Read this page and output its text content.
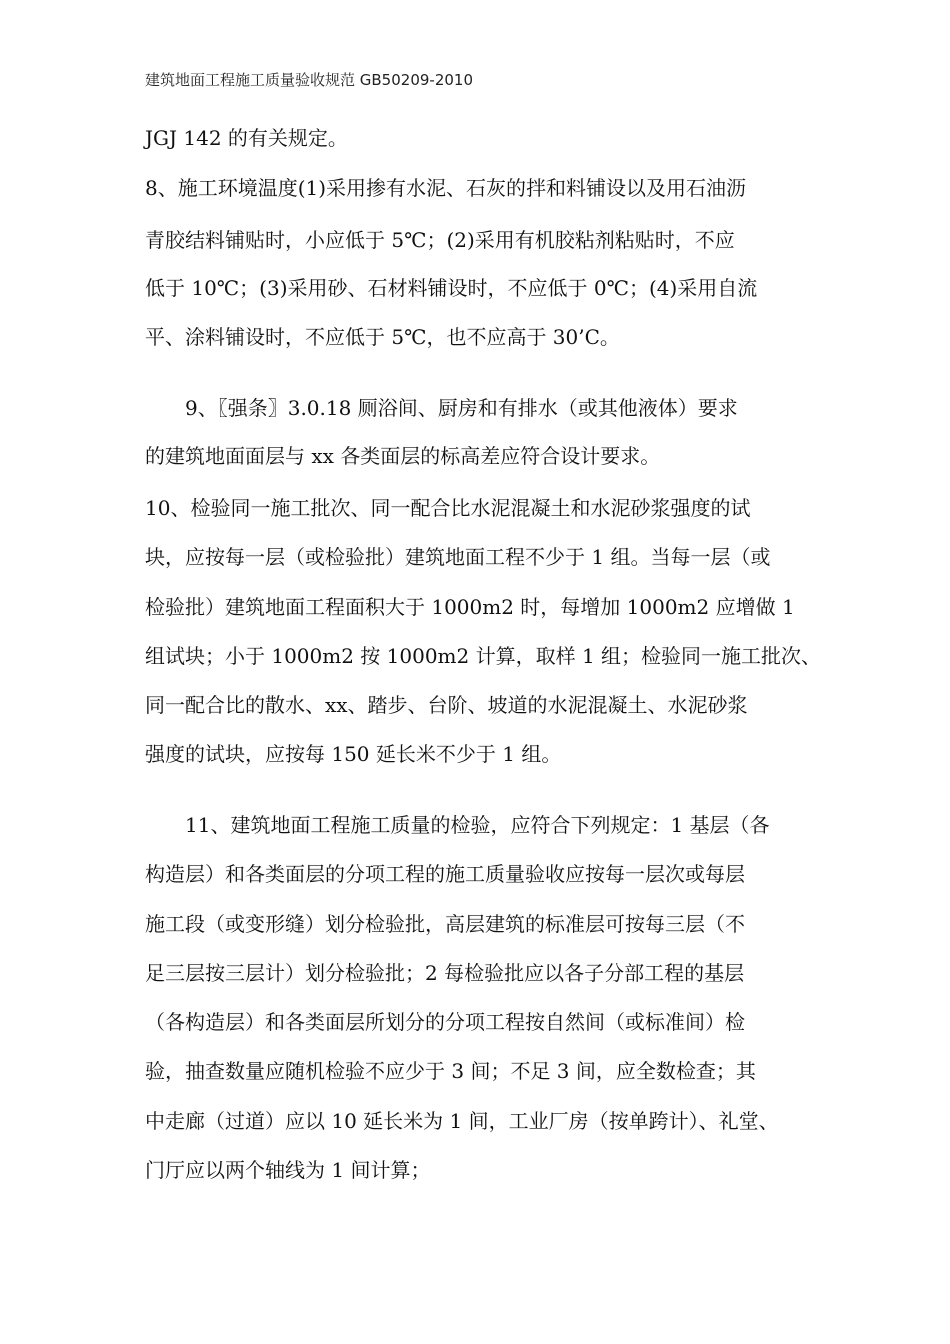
建筑地面工程施工质量验收规范 GB50209-2010
JGJ 142 的有关规定。
8、施工环境温度(1)采用掺有水泥、石灰的拌和料铺设以及用石油沥
青胶结料铺贴时，小应低于 5℃；(2)采用有机胶粘剂粘贴时，不应
低于 10℃；(3)采用砂、石材料铺设时，不应低于 0℃；(4)采用自流
平、涂料铺设时，不应低于 5℃，也不应高于 30’C。
9、〖强条〗3.0.18 厕浴间、厨房和有排水（或其他液体）要求
的建筑地面面层与 xx 各类面层的标高差应符合设计要求。
10、检验同一施工批次、同一配合比水泥混凝土和水泥砂浆强度的试
块，应按每一层（或检验批）建筑地面工程不少于 1 组。当每一层（或
检验批）建筑地面工程面积大于 1000m2 时，每增加 1000m2 应增做 1
组试块；小于 1000m2 按 1000m2 计算，取样 1 组；检验同一施工批次、
同一配合比的散水、xx、踏步、台阶、坡道的水泥混凝土、水泥砂浆
强度的试块，应按每 150 延长米不少于 1 组。
11、建筑地面工程施工质量的检验，应符合下列规定：1 基层（各
构造层）和各类面层的分项工程的施工质量验收应按每一层次或每层
施工段（或变形缝）划分检验批，高层建筑的标准层可按每三层（不
足三层按三层计）划分检验批；2 每检验批应以各子分部工程的基层
（各构造层）和各类面层所划分的分项工程按自然间（或标准间）检
验，抽查数量应随机检验不应少于 3 间；不足 3 间，应全数检查；其
中走廊（过道）应以 10 延长米为 1 间，工业厂房（按单跨计）、礼堂、
门厅应以两个轴线为 1 间计算；
